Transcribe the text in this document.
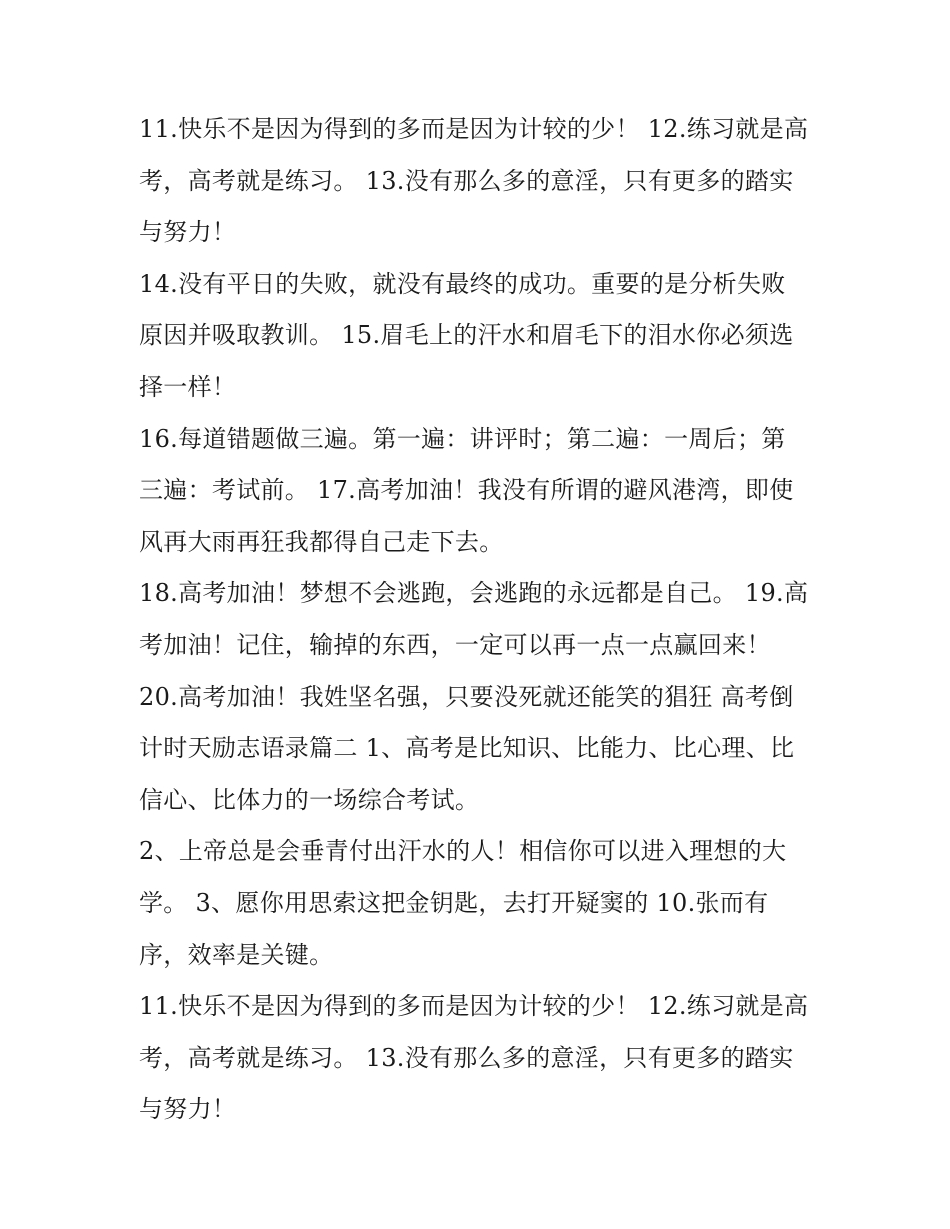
11.快乐不是因为得到的多而是因为计较的少！ 12.练习就是高
考，高考就是练习。 13.没有那么多的意淫，只有更多的踏实
与努力！
14.没有平日的失败，就没有最终的成功。重要的是分析失败
原因并吸取教训。 15.眉毛上的汗水和眉毛下的泪水你必须选
择一样！
16.每道错题做三遍。第一遍：讲评时；第二遍：一周后；第
三遍：考试前。 17.高考加油！我没有所谓的避风港湾，即使
风再大雨再狂我都得自己走下去。
18.高考加油！梦想不会逃跑，会逃跑的永远都是自己。 19.高
考加油！记住，输掉的东西，一定可以再一点一点赢回来！
20.高考加油！我姓坚名强，只要没死就还能笑的猖狂 高考倒
计时天励志语录篇二 1、高考是比知识、比能力、比心理、比
信心、比体力的一场综合考试。
2、上帝总是会垂青付出汗水的人！相信你可以进入理想的大
学。 3、愿你用思索这把金钥匙，去打开疑窦的 10.张而有
序，效率是关键。
11.快乐不是因为得到的多而是因为计较的少！ 12.练习就是高
考，高考就是练习。 13.没有那么多的意淫，只有更多的踏实
与努力！
